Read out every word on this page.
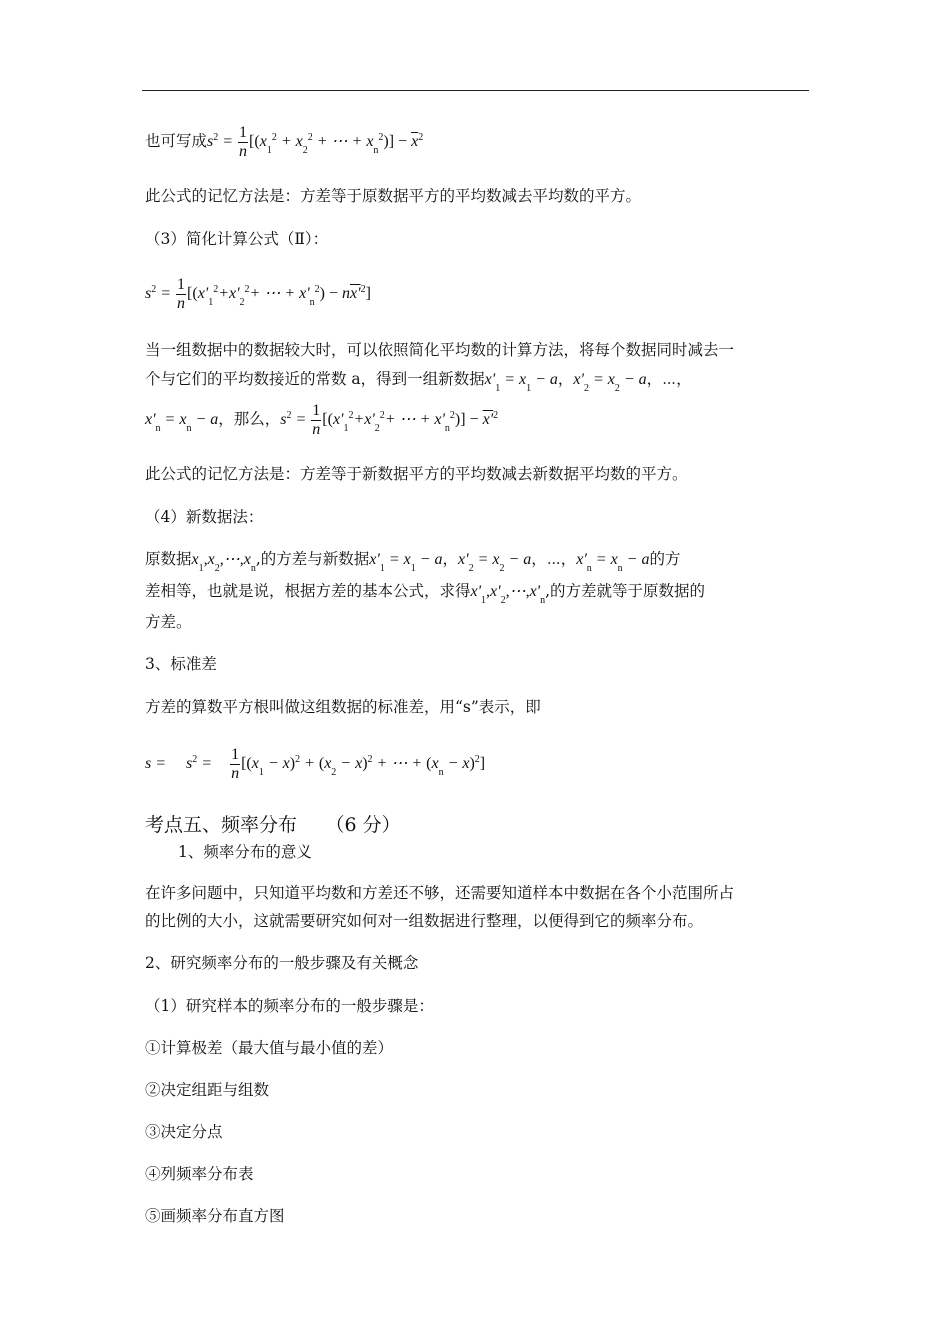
也可写成$s^2 = \frac{1}{n} [(x_1^2 + x_2^2$ + ⋯ + $x_n^2)] - \overline{x}^2$
此公式的记忆方法是：方差等于原数据平方的平均数减去平均数的平方。
（3）简化计算公式（Ⅱ）：
$s^2 = \frac{1}{n} [(x'_1^2+x'_2^2+$ ⋯ + $x'_n^2) - nx'^2$]
当一组数据中的数据较大时，可以依照简化平均数的计算方法，将每个数据同时减去一
个与它们的平均数接近的常数 a，得到一组新数据$x'_1 = x_1 - a$，$x'_2 = x_2 - a$，⋯，
$x'_n = x_n - a$，那么，$s^2 = \frac{1}{n} [(x'_1^2+x'_2^2+$ ⋯ + $x'_n^2)] - x'^2$
此公式的记忆方法是：方差等于新数据平方的平均数减去新数据平均数的平方。
（4）新数据法：
原数据$x_1,x_2,\cdots,x_n$,的方差与新数据$x'_1 = x_1 - a$，$x'_2 = x_2 - a$，⋯，$x'_n = x_n - a$的方
差相等，也就是说，根据方差的基本公式，求得$x'_1,x'_2,\cdots,x'_n$,的方差就等于原数据的
方差。
3、标准差
方差的算数平方根叫做这组数据的标准差，用“s”表示，即
$s = s^2 = \frac{1}{n} [(x_1 - x)^2 + (x_2 - x)^2$ + ⋯ + $(x_n - x)^2$]
考点五、频率分布　　（6 分）
1、频率分布的意义
在许多问题中，只知道平均数和方差还不够，还需要知道样本中数据在各个小范围所占
的比例的大小，这就需要研究如何对一组数据进行整理，以便得到它的频率分布。
2、研究频率分布的一般步骤及有关概念
（1）研究样本的频率分布的一般步骤是：
①计算极差（最大值与最小值的差）
②决定组距与组数
③决定分点
④列频率分布表
⑤画频率分布直方图
